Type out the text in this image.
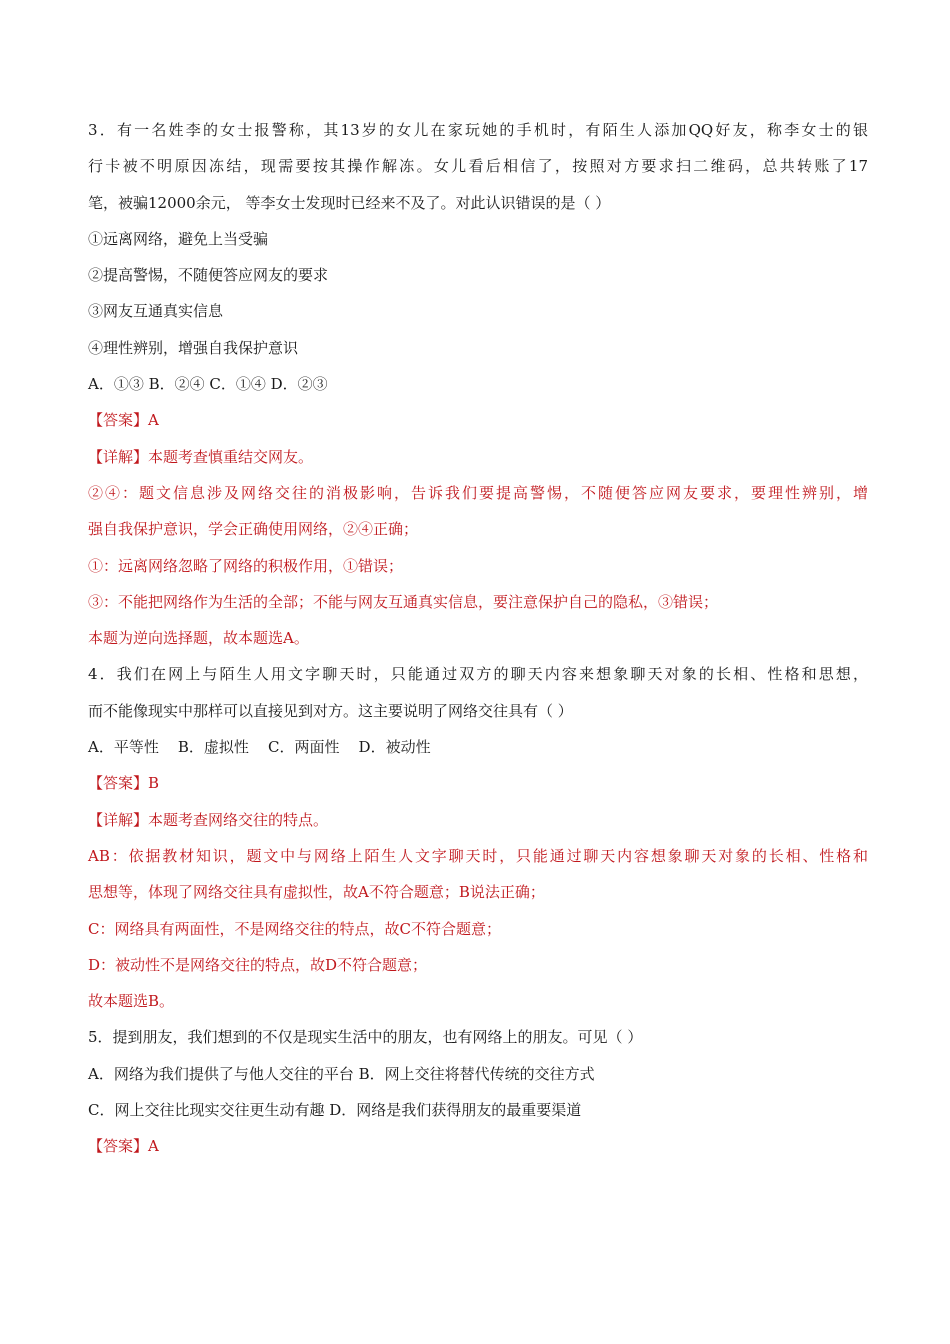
3．有一名姓李的女士报警称，其13岁的女儿在家玩她的手机时，有陌生人添加QQ好友，称李女士的银
行卡被不明原因冻结，现需要按其操作解冻。女儿看后相信了，按照对方要求扫二维码，总共转账了17
笔，被骗12000余元， 等李女士发现时已经来不及了。对此认识错误的是（ ）
①远离网络，避免上当受骗
②提高警惕，不随便答应网友的要求
③网友互通真实信息
④理性辨别，增强自我保护意识
A．①③ B．②④ C．①④ D．②③
【答案】A
【详解】本题考查慎重结交网友。
②④：题文信息涉及网络交往的消极影响，告诉我们要提高警惕，不随便答应网友要求，要理性辨别，增
强自我保护意识，学会正确使用网络，②④正确；
①：远离网络忽略了网络的积极作用，①错误；
③：不能把网络作为生活的全部；不能与网友互通真实信息，要注意保护自己的隐私，③错误；
本题为逆向选择题，故本题选A。
4．我们在网上与陌生人用文字聊天时，只能通过双方的聊天内容来想象聊天对象的长相、性格和思想，
而不能像现实中那样可以直接见到对方。这主要说明了网络交往具有（ ）
A．平等性    B．虚拟性    C．两面性    D．被动性
【答案】B
【详解】本题考查网络交往的特点。
AB：依据教材知识，题文中与网络上陌生人文字聊天时，只能通过聊天内容想象聊天对象的长相、性格和
思想等，体现了网络交往具有虚拟性，故A不符合题意；B说法正确；
C：网络具有两面性，不是网络交往的特点，故C不符合题意；
D：被动性不是网络交往的特点，故D不符合题意；
故本题选B。
5．提到朋友，我们想到的不仅是现实生活中的朋友，也有网络上的朋友。可见（ ）
A．网络为我们提供了与他人交往的平台 B．网上交往将替代传统的交往方式
C．网上交往比现实交往更生动有趣 D．网络是我们获得朋友的最重要渠道
【答案】A
